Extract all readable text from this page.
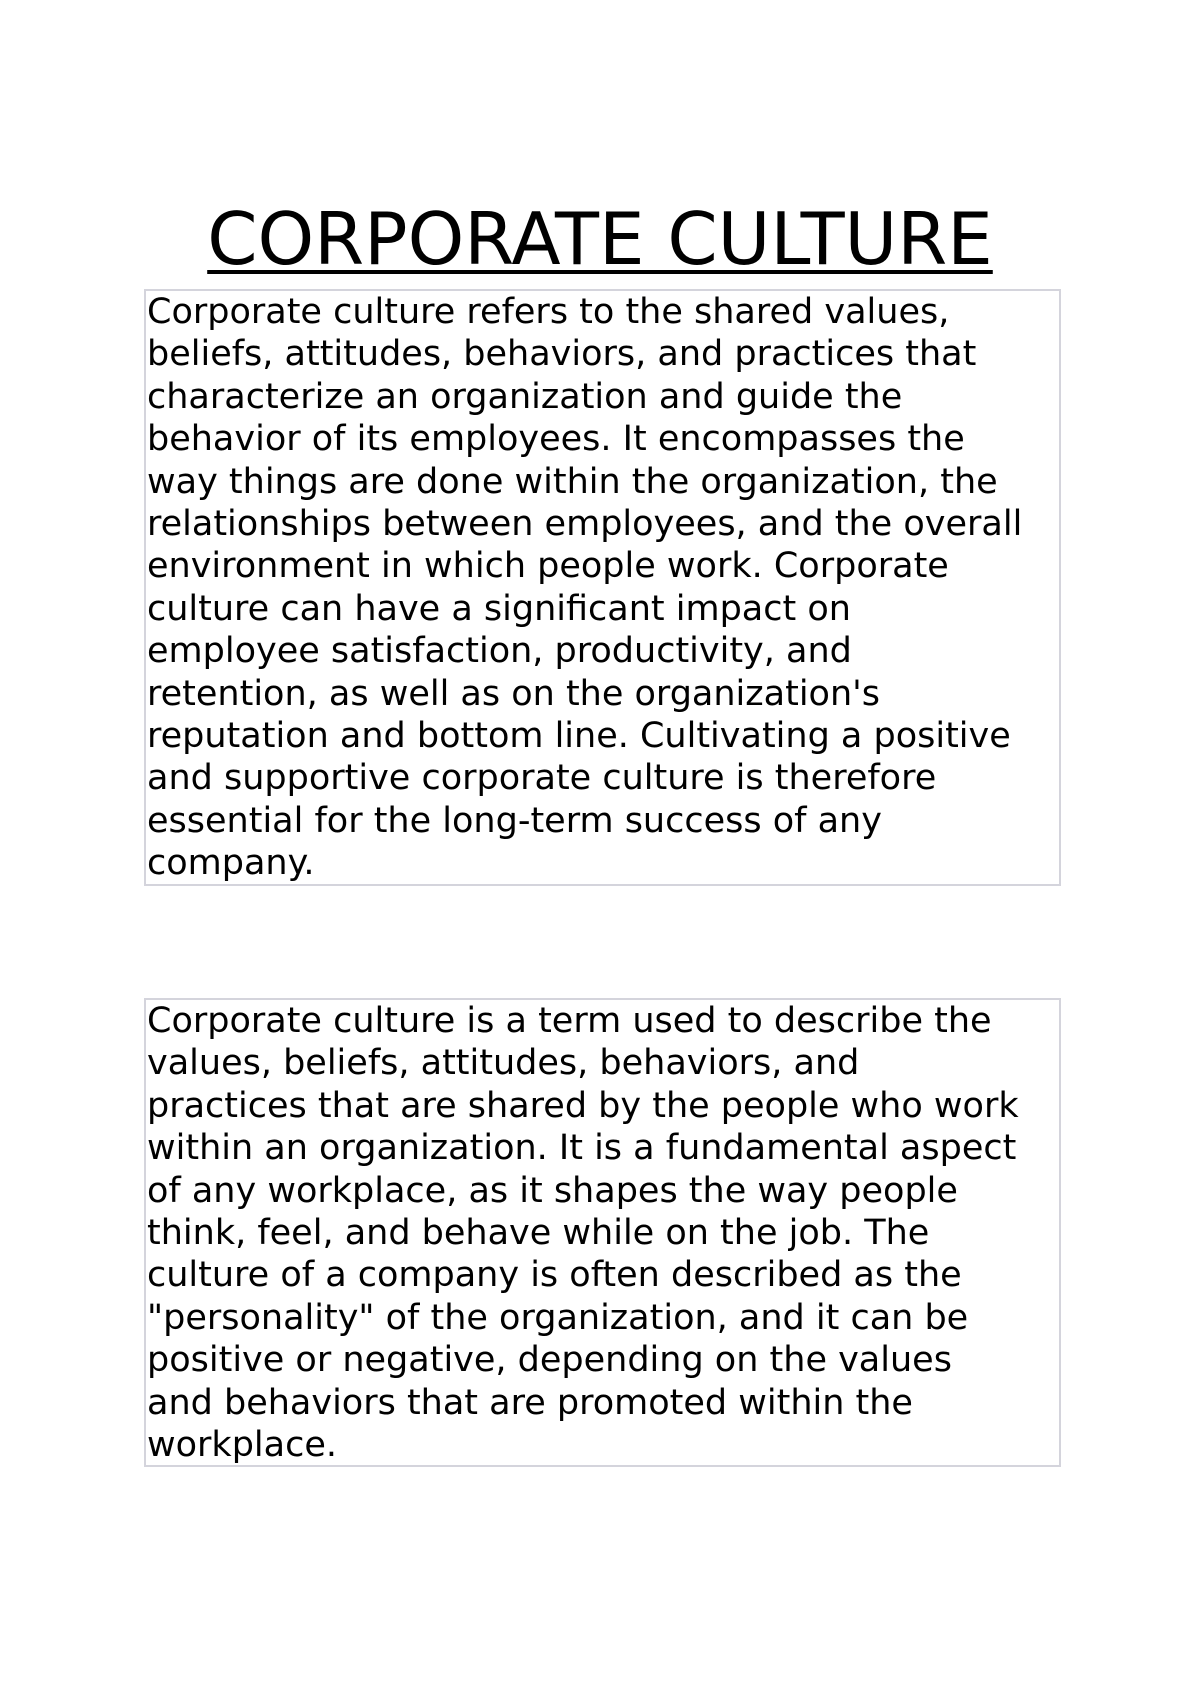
CORPORATE CULTURE

Corporate culture refers to the shared values,

beliefs, attitudes, behaviors, and practices that

characterize an organization and guide the

behavior of its employees. It encompasses the

way things are done within the organization, the

relationships between employees, and the overall

environment in which people work. Corporate

culture can have a significant impact on

employee satisfaction, productivity, and

retention, as well as on the organization's

reputation and bottom line. Cultivating a positive

and supportive corporate culture is therefore

essential for the long-term success of any

company.

Corporate culture is a term used to describe the

values, beliefs, attitudes, behaviors, and

practices that are shared by the people who work

within an organization. It is a fundamental aspect

of any workplace, as it shapes the way people

think, feel, and behave while on the job. The

culture of a company is often described as the

"personality" of the organization, and it can be

positive or negative, depending on the values

and behaviors that are promoted within the

workplace.
